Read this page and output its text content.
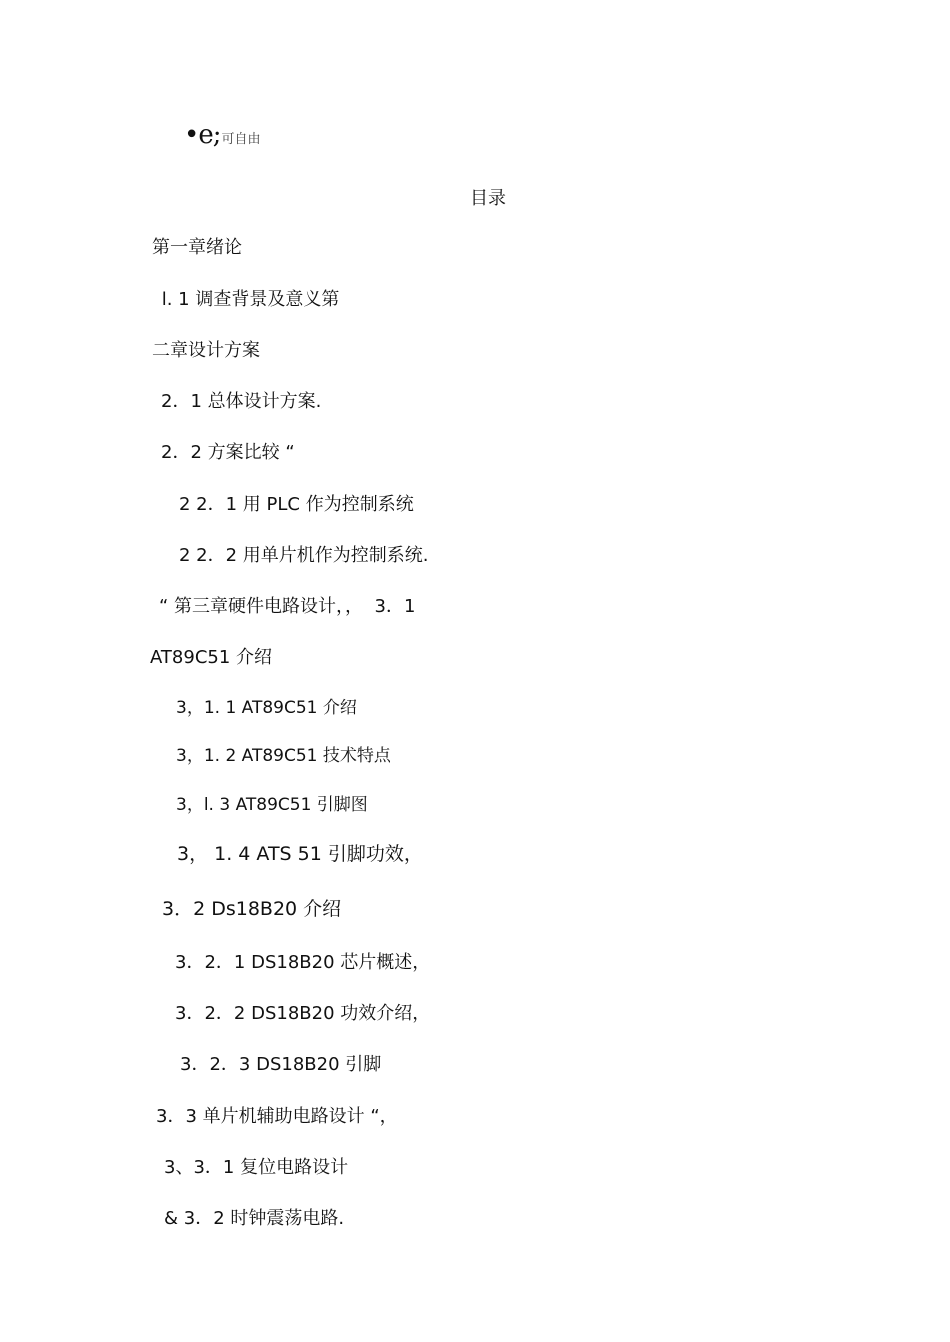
•e;可自由
目录
第一章绪论
l. 1 调查背景及意义第
二章设计方案
2．1 总体设计方案.
2．2 方案比较 “
2 2．1 用 PLC 作为控制系统
2 2．2 用单片机作为控制系统.
“ 第三章硬件电路设计，，  3．1
AT89C51 介绍
3，1. 1 AT89C51 介绍
3，1. 2 AT89C51 技术特点
3，l. 3 AT89C51 引脚图
3， 1. 4 ATS 51 引脚功效，
3．2 Ds18B20 介绍
3．2．1 DS18B20 芯片概述，
3．2．2 DS18B20 功效介绍，
3．2．3 DS18B20 引脚
3．3 单片机辅助电路设计 “，
3、3．1 复位电路设计
& 3．2 时钟震荡电路.
